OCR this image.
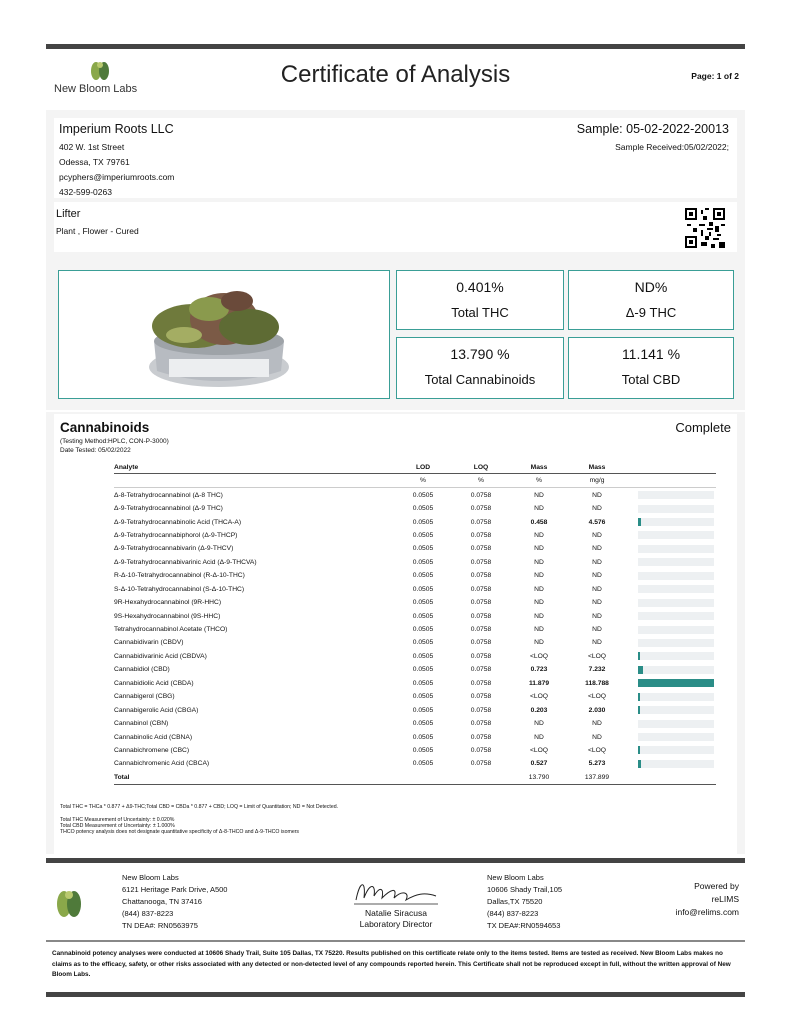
New Bloom Labs
Certificate of Analysis	Page: 1 of 2
Imperium Roots LLC
402 W. 1st Street
Odessa, TX 79761
pcyphers@imperiumroots.com
432-599-0263
Sample: 05-02-2022-20013
Sample Received:05/02/2022;
Lifter
Plant , Flower - Cured
0.401%
Total THC
ND%
Δ-9 THC
13.790 %
Total Cannabinoids
11.141 %
Total CBD
Cannabinoids	Complete
(Testing Method:HPLC, CON-P-3000)
Date Tested: 05/02/2022
Analyte	LOD	LOQ	Mass	Mass	
	%	%	%	mg/g	
Δ-8-Tetrahydrocannabinol (Δ-8 THC)	0.0505	0.0758	ND	ND	

Δ-9-Tetrahydrocannabinol (Δ-9 THC)	0.0505	0.0758	ND	ND	

Δ-9-Tetrahydrocannabinolic Acid (THCA-A)	0.0505	0.0758	0.458	4.576	

Δ-9-Tetrahydrocannabiphorol (Δ-9-THCP)	0.0505	0.0758	ND	ND	

Δ-9-Tetrahydrocannabivarin (Δ-9-THCV)	0.0505	0.0758	ND	ND	

Δ-9-Tetrahydrocannabivarinic Acid (Δ-9-THCVA)	0.0505	0.0758	ND	ND	

R-Δ-10-Tetrahydrocannabinol (R-Δ-10-THC)	0.0505	0.0758	ND	ND	

S-Δ-10-Tetrahydrocannabinol (S-Δ-10-THC)	0.0505	0.0758	ND	ND	

9R-Hexahydrocannabinol (9R-HHC)	0.0505	0.0758	ND	ND	

9S-Hexahydrocannabinol (9S-HHC)	0.0505	0.0758	ND	ND	

Tetrahydrocannabinol Acetate (THCO)	0.0505	0.0758	ND	ND	

Cannabidivarin (CBDV)	0.0505	0.0758	ND	ND	

Cannabidivarinic Acid (CBDVA)	0.0505	0.0758	<LOQ	<LOQ	

Cannabidiol (CBD)	0.0505	0.0758	0.723	7.232	

Cannabidiolic Acid (CBDA)	0.0505	0.0758	11.879	118.788	

Cannabigerol (CBG)	0.0505	0.0758	<LOQ	<LOQ	

Cannabigerolic Acid (CBGA)	0.0505	0.0758	0.203	2.030	

Cannabinol (CBN)	0.0505	0.0758	ND	ND	

Cannabinolic Acid (CBNA)	0.0505	0.0758	ND	ND	

Cannabichromene (CBC)	0.0505	0.0758	<LOQ	<LOQ	

Cannabichromenic Acid (CBCA)	0.0505	0.0758	0.527	5.273	

Total			13.790	137.899	
Total THC = THCa * 0.877 + Δ9-THC;Total CBD = CBDa * 0.877 + CBD; LOQ = Limit of Quantitation; ND = Not Detected.
Total THC Measurement of Uncertainty: ± 0.020%
Total CBD Measurement of Uncertainty: ± 1.000%
THCO potency analysis does not designate quantitative specificity of Δ-8-THCO and Δ-9-THCO isomers
New Bloom Labs
6121 Heritage Park Drive, A500
Chattanooga, TN 37416
(844) 837-8223
TN DEA#: RN0563975
Natalie Siracusa
Laboratory Director
New Bloom Labs
10606 Shady Trail,105
Dallas,TX 75520
(844) 837-8223
TX DEA#:RN0594653
Powered by
reLIMS
info@relims.com
Cannabinoid potency analyses were conducted at 10606 Shady Trail, Suite 105 Dallas, TX 75220. Results published on this certificate relate only to the items tested. Items are tested as received. New Bloom Labs makes no claims as to the efficacy, safety, or other risks associated with any detected or non-detected level of any compounds reported herein. This Certificate shall not be reproduced except in full, without the written approval of New Bloom Labs.
